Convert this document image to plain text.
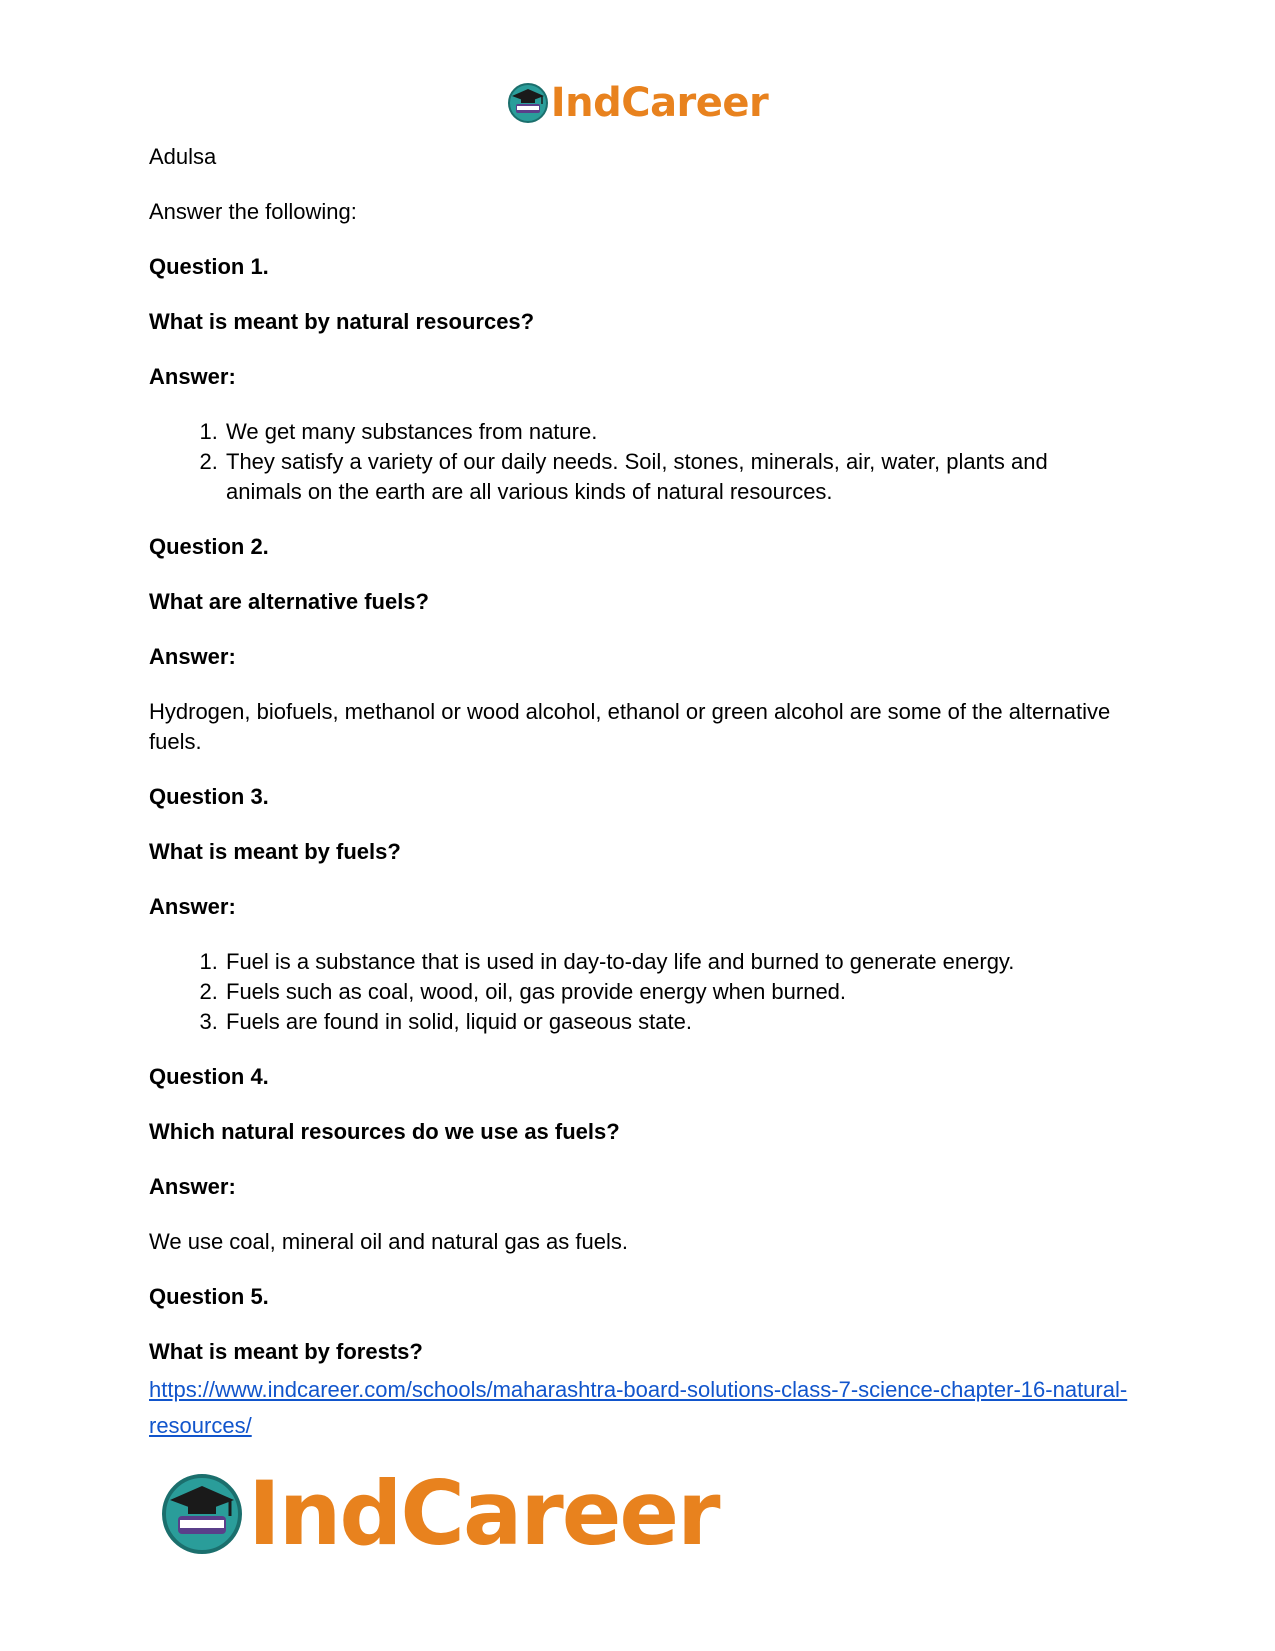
IndCareer
Adulsa
Answer the following:
Question 1.
What is meant by natural resources?
Answer:
1. We get many substances from nature.
2. They satisfy a variety of our daily needs. Soil, stones, minerals, air, water, plants and animals on the earth are all various kinds of natural resources.
Question 2.
What are alternative fuels?
Answer:
Hydrogen, biofuels, methanol or wood alcohol, ethanol or green alcohol are some of the alternative fuels.
Question 3.
What is meant by fuels?
Answer:
1. Fuel is a substance that is used in day-to-day life and burned to generate energy.
2. Fuels such as coal, wood, oil, gas provide energy when burned.
3. Fuels are found in solid, liquid or gaseous state.
Question 4.
Which natural resources do we use as fuels?
Answer:
We use coal, mineral oil and natural gas as fuels.
Question 5.
What is meant by forests?
https://www.indcareer.com/schools/maharashtra-board-solutions-class-7-science-chapter-16-natural-resources/
IndCareer
